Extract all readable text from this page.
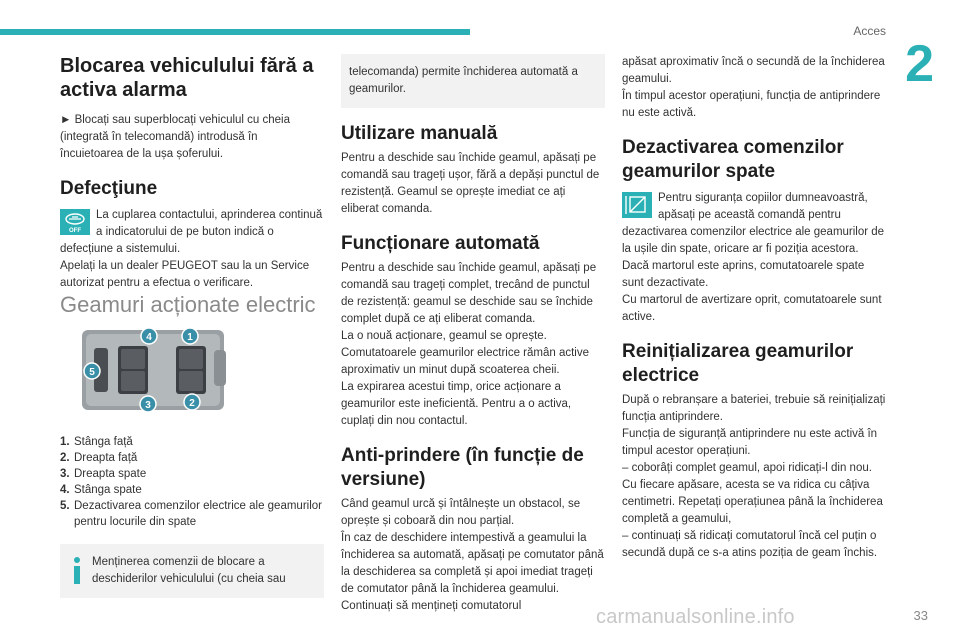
Acces
2
Blocarea vehiculului fără a activa alarma

► Blocați sau superblocați vehiculul cu cheia (integrată în telecomandă) introdusă în încuietoarea de la ușa șoferului.

Defecţiune
OFF

La cuplarea contactului, aprinderea continuă a indicatorului de pe buton indică o defecțiune a sistemului.

Apelați la un dealer PEUGEOT sau la un Service autorizat pentru a efectua o verificare.

Geamuri acționate electric
4	1
5
3	2
1. Stânga față
2. Dreapta față
3. Dreapta spate
4. Stânga spate
5. Dezactivarea comenzilor electrice ale geamurilor pentru locurile din spate

Menținerea comenzii de blocare a deschiderilor vehiculului (cu cheia sau

telecomanda) permite închiderea automată a geamurilor.

Utilizare manuală

Pentru a deschide sau închide geamul, apăsați pe comandă sau trageți ușor, fără a depăși punctul de rezistență. Geamul se oprește imediat ce ați eliberat comanda.

Funcționare automată

Pentru a deschide sau închide geamul, apăsați pe comandă sau trageți complet, trecând de punctul de rezistență: geamul se deschide sau se închide complet după ce ați eliberat comanda.

La o nouă acționare, geamul se oprește.

Comutatoarele geamurilor electrice rămân active aproximativ un minut după scoaterea cheii.

La expirarea acestui timp, orice acționare a geamurilor este ineficientă. Pentru a o activa, cuplați din nou contactul.

Anti-prindere (în funcție de versiune)

Când geamul urcă și întâlnește un obstacol, se oprește și coboară din nou parțial.

În caz de deschidere intempestivă a geamului la închiderea sa automată, apăsați pe comutator până la deschiderea sa completă și apoi imediat trageți de comutator până la închiderea geamului. Continuați să mențineți comutatorul

apăsat aproximativ încă o secundă de la închiderea geamului.

În timpul acestor operațiuni, funcția de antiprindere nu este activă.

Dezactivarea comenzilor geamurilor spate

Pentru siguranța copiilor dumneavoastră, apăsați pe această comandă pentru dezactivarea comenzilor electrice ale geamurilor de la ușile din spate, oricare ar fi poziția acestora.

Dacă martorul este aprins, comutatoarele spate sunt dezactivate.

Cu martorul de avertizare oprit, comutatoarele sunt active.

Reinițializarea geamurilor electrice

După o rebranșare a bateriei, trebuie să reinițializați funcția antiprindere.

Funcția de siguranță antiprindere nu este activă în timpul acestor operațiuni.

– coborâți complet geamul, apoi ridicați-l din nou. Cu fiecare apăsare, acesta se va ridica cu câțiva centimetri. Repetați operațiunea până la închiderea completă a geamului,

– continuați să ridicați comutatorul încă cel puțin o secundă după ce s-a atins poziția de geam închis.

carmanualsonline.info	33
